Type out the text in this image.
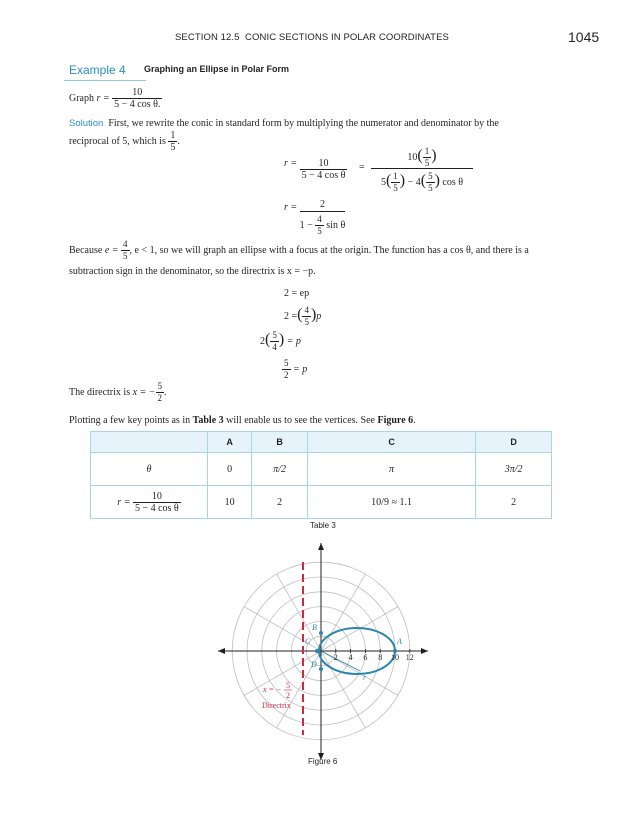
SECTION 12.5 CONIC SECTIONS IN POLAR COORDINATES	1045
Example 4 Graphing an Ellipse in Polar Form
Graph $r = \frac{10}{\text{5 − 4 cos θ.}}$
Solution First, we rewrite the conic in standard form by multiplying the numerator and denominator by the
reciprocal of 5, which is $\frac{1}{5}$ .
$r = \frac{10}{\text{5 − 4 cos θ}} = \frac{10( \frac{1}{5} )}{5( \frac{1}{5} ) - 4( \frac{5}{5} ) \cos \theta}$
$r = \frac{2}{1 - \frac{4}{5} \sin \theta}$
Because $e = \frac{4}{5}$ , e < 1, so we will graph an ellipse with a focus at the origin. The function has a cos θ, and there is a
subtraction sign in the denominator, so the directrix is x = −p.
2 = ep
2 =( $\frac{4}{5} )p$
$2( \frac{5}{4}$ ) = p
$\frac{5}{2} = p$
The directrix is x = − $\frac{5}{2}$ .
Plotting a few key points as in Table 3 will enable us to see the vertices. See Figure 6.
	A	B	C	D
θ	0	π/2	π	3π/2
$r = \frac{10}{\text{5 − 4 cos θ}}$	10	2	10/9 ≈ 1.1	2
Table 3
2 4 6 8 10 12
A
B
C
D
r
x = − 5
2
Directrix
Figure 6
